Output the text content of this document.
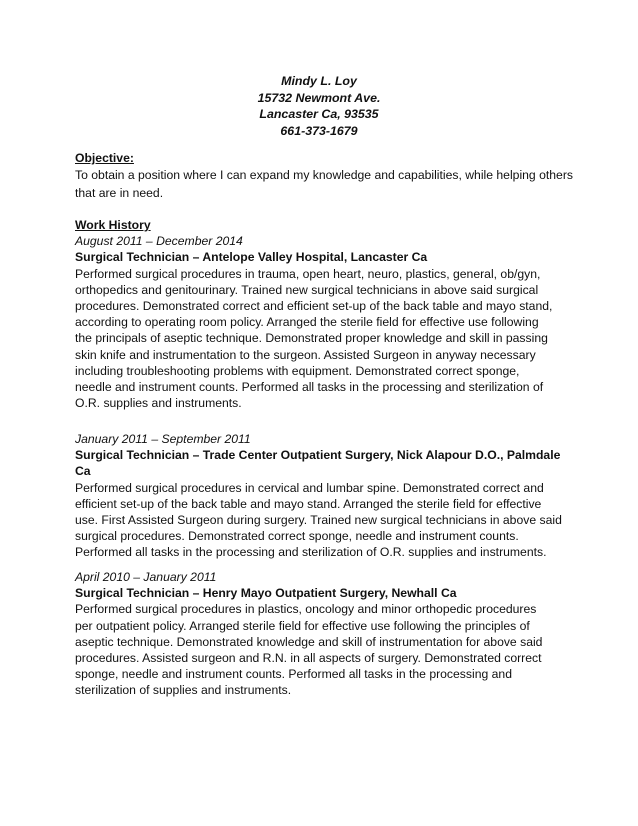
Mindy L. Loy
15732 Newmont Ave.
Lancaster Ca, 93535
661-373-1679
Objective:
To obtain a position where I can expand my knowledge and capabilities, while helping others that are in need.
Work History
August 2011 – December 2014
Surgical Technician – Antelope Valley Hospital, Lancaster Ca
Performed surgical procedures in trauma, open heart, neuro, plastics, general, ob/gyn, orthopedics and genitourinary. Trained new surgical technicians in above said surgical procedures. Demonstrated correct and efficient set-up of the back table and mayo stand, according to operating room policy. Arranged the sterile field for effective use following the principals of aseptic technique. Demonstrated proper knowledge and skill in passing skin knife and instrumentation to the surgeon. Assisted Surgeon in anyway necessary including troubleshooting problems with equipment. Demonstrated correct sponge, needle and instrument counts. Performed all tasks in the processing and sterilization of O.R. supplies and instruments.
January 2011 – September 2011
Surgical Technician – Trade Center Outpatient Surgery, Nick Alapour D.O., Palmdale Ca
Performed surgical procedures in cervical and lumbar spine. Demonstrated correct and efficient set-up of the back table and mayo stand. Arranged the sterile field for effective use. First Assisted Surgeon during surgery. Trained new surgical technicians in above said surgical procedures. Demonstrated correct sponge, needle and instrument counts. Performed all tasks in the processing and sterilization of O.R. supplies and instruments.
April 2010 – January 2011
Surgical Technician – Henry Mayo Outpatient Surgery, Newhall Ca
Performed surgical procedures in plastics, oncology and minor orthopedic procedures per outpatient policy. Arranged sterile field for effective use following the principles of aseptic technique. Demonstrated knowledge and skill of instrumentation for above said procedures. Assisted surgeon and R.N. in all aspects of surgery. Demonstrated correct sponge, needle and instrument counts. Performed all tasks in the processing and sterilization of supplies and instruments.
